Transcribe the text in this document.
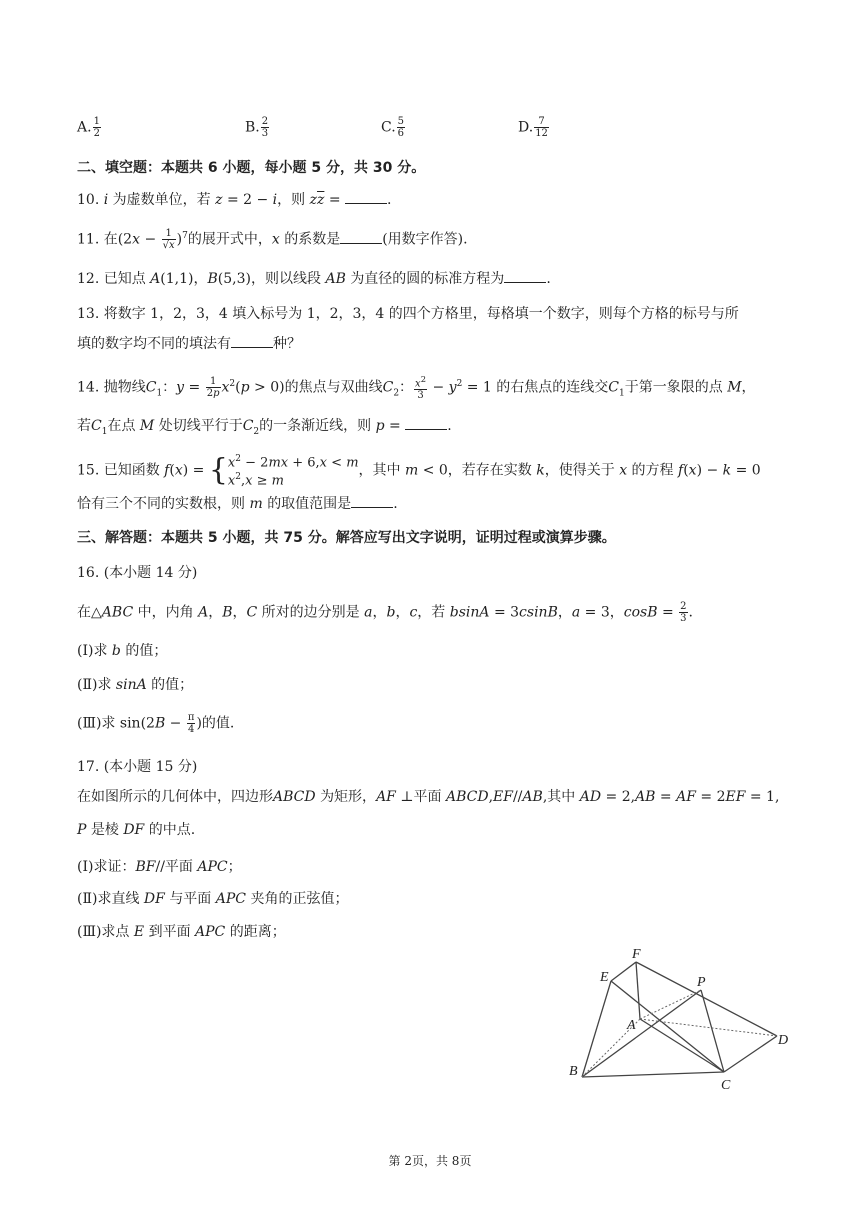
A. $\frac{1}{2}$	B. $\frac{2}{3}$	C. $\frac{5}{6}$	D. $\frac{7}{12}$
二、填空题：本题共 6 小题，每小题 5 分，共 30 分。
10. i 为虚数单位，若 z = 2 − i，则 $z\overline{z}$ =	.
11. 在$(2x - \frac{1}{√x} )^7$的展开式中，x 的系数是	(用数字作答).
12. 已知点 A(1,1)，B(5,3)，则以线段 AB 为直径的圆的标准方程为	.
13. 将数字 1，2，3，4 填入标号为 1，2，3，4 的四个方格里，每格填一个数字，则每个方格的标号与所
填的数字均不同的填法有	种？
14. 抛物线$C_1$：$y = \frac{1}{2p} x^2(p > 0)$的焦点与双曲线$C_2$： $\frac{x^2}{3} - y^2 = 1$ 的右焦点的连线交$C_1$于第一象限的点 M，
若$C_1$在点 M 处切线平行于$C_2$的一条渐近线，则 p =	.
15. 已知函数 $f(x) = \{x^2 - 2mx + 6,x < m$
$x^2,x \ge m$，其中 m < 0，若存在实数 k，使得关于 x 的方程 f(x) − k = 0
恰有三个不同的实数根，则 m 的取值范围是	.
三、解答题：本题共 5 小题，共 75 分。解答应写出文字说明，证明过程或演算步骤。
16. (本小题 14 分)
在△ABC 中，内角 A，B，C 所对的边分别是 a，b，c，若 bsinA = 3csinB，a = 3，$\cos B = \frac{2}{3}$ .
(Ⅰ)求 b 的值；
(Ⅱ)求 sinA 的值；
(Ⅲ)求 $\sin(2B - \frac{\pi}{4}$ )的值.
17. (本小题 15 分)
在如图所示的几何体中，四边形ABCD 为矩形，AF ⊥平面 ABCD,EF//AB,其中 AD = 2,AB = AF = 2EF = 1,
P 是棱 DF 的中点.
(Ⅰ)求证：BF//平面 APC；
(Ⅱ)求直线 DF 与平面 APC 夹角的正弦值；
(Ⅲ)求点 E 到平面 APC 的距离；
F
E	P
A
D
B
C
第 2页，共 8页
